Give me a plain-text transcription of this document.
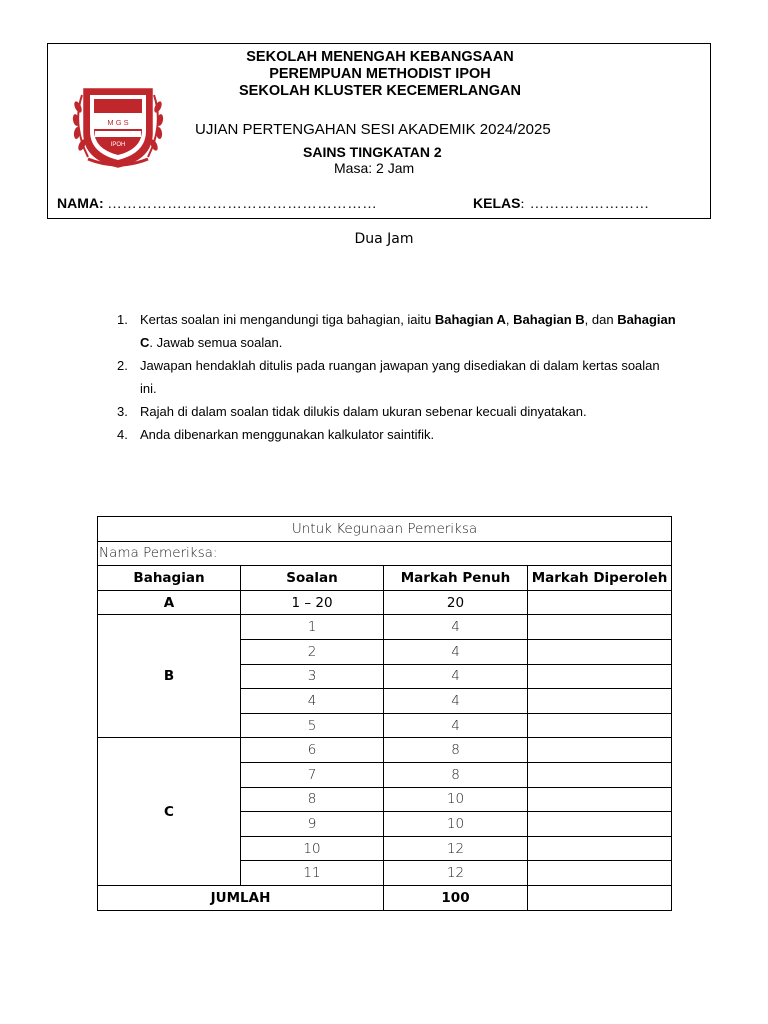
M G S
IPOH
SEKOLAH MENENGAH KEBANGSAAN
PEREMPUAN METHODIST IPOH
SEKOLAH KLUSTER KECEMERLANGAN
UJIAN PERTENGAHAN SESI AKADEMIK 2024/2025
SAINS TINGKATAN 2
Masa: 2 Jam
NAMA: ………………………………………………	KELAS: ……………………
Dua Jam
1. Kertas soalan ini mengandungi tiga bahagian, iaitu Bahagian A, Bahagian B, dan Bahagian C. Jawab semua soalan.
2. Jawapan hendaklah ditulis pada ruangan jawapan yang disediakan di dalam kertas soalan ini.
3. Rajah di dalam soalan tidak dilukis dalam ukuran sebenar kecuali dinyatakan.
4. Anda dibenarkan menggunakan kalkulator saintifik.
Untuk Kegunaan Pemeriksa			
Nama Pemeriksa:			
Bahagian	Soalan	Markah Penuh	Markah Diperoleh
A	1 – 20	20	
B	1	4	
	2	4	
	3	4	
	4	4	
	5	4	
C	6	8	
	7	8	
	8	10	
	9	10	
	10	12	
	11	12	
JUMLAH		100	
